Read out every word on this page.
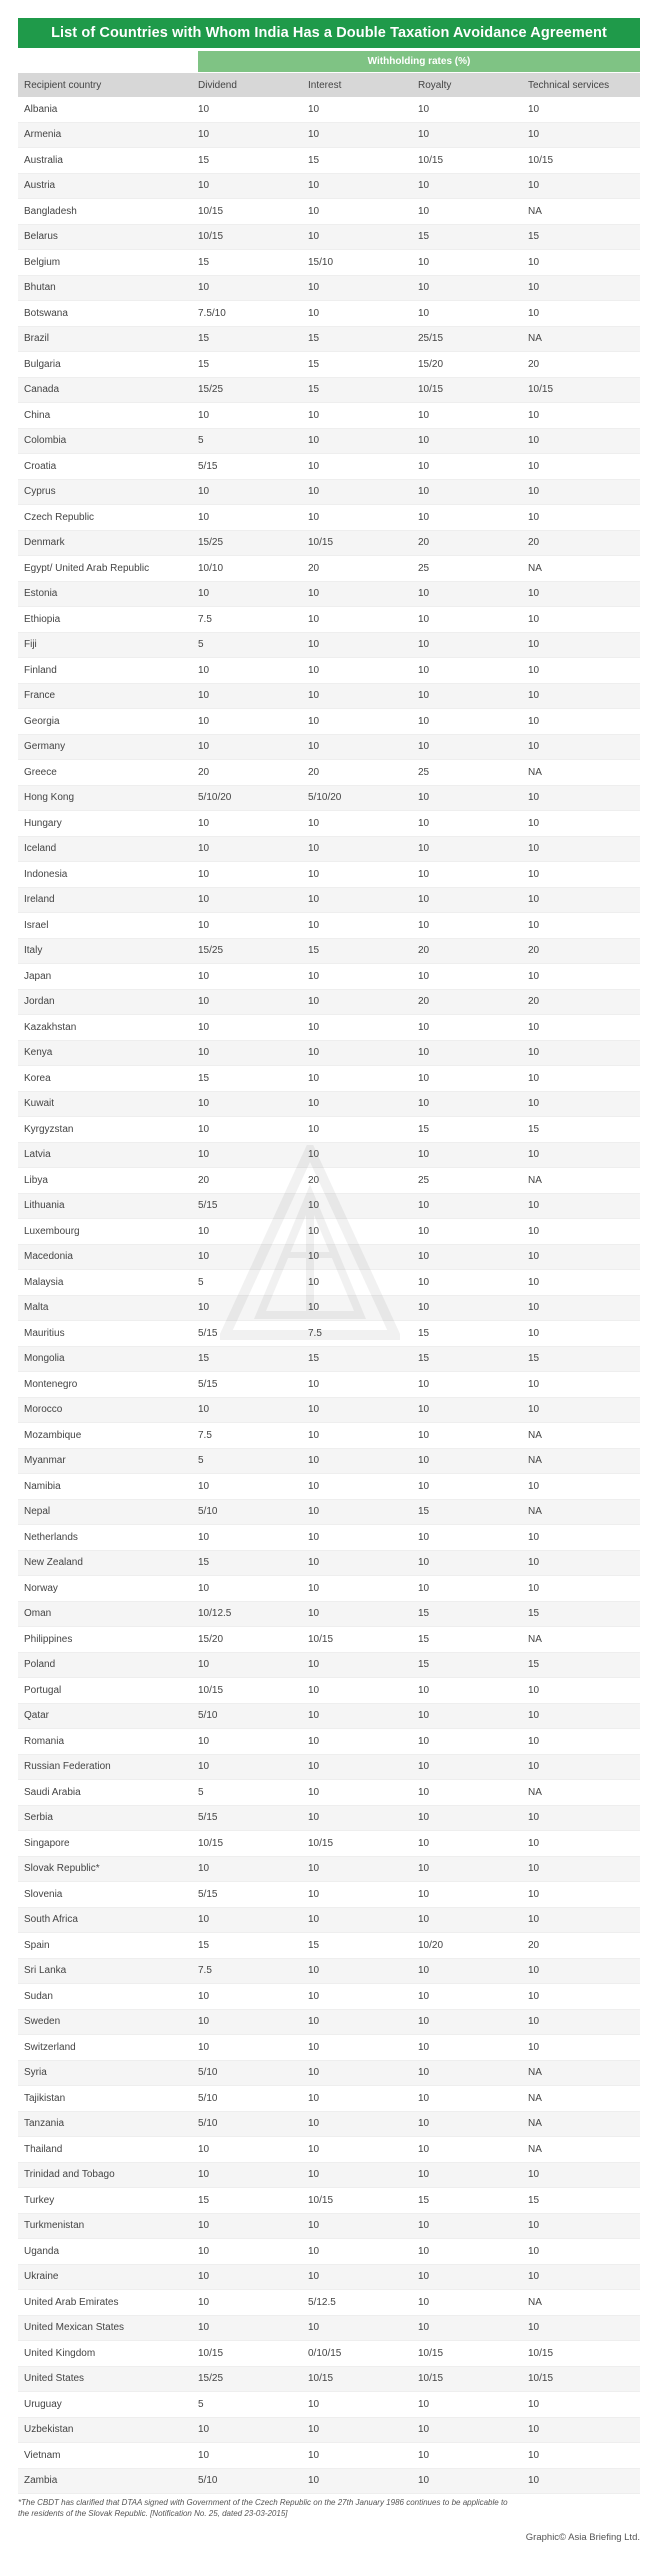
List of Countries with Whom India Has a Double Taxation Avoidance Agreement
Withholding rates (%)
Recipient country	Dividend	Interest	Royalty	Technical services
Albania	10	10	10	10
Armenia	10	10	10	10
Australia	15	15	10/15	10/15
Austria	10	10	10	10
Bangladesh	10/15	10	10	NA
Belarus	10/15	10	15	15
Belgium	15	15/10	10	10
Bhutan	10	10	10	10
Botswana	7.5/10	10	10	10
Brazil	15	15	25/15	NA
Bulgaria	15	15	15/20	20
Canada	15/25	15	10/15	10/15
China	10	10	10	10
Colombia	5	10	10	10
Croatia	5/15	10	10	10
Cyprus	10	10	10	10
Czech Republic	10	10	10	10
Denmark	15/25	10/15	20	20
Egypt/ United Arab Republic	10/10	20	25	NA
Estonia	10	10	10	10
Ethiopia	7.5	10	10	10
Fiji	5	10	10	10
Finland	10	10	10	10
France	10	10	10	10
Georgia	10	10	10	10
Germany	10	10	10	10
Greece	20	20	25	NA
Hong Kong	5/10/20	5/10/20	10	10
Hungary	10	10	10	10
Iceland	10	10	10	10
Indonesia	10	10	10	10
Ireland	10	10	10	10
Israel	10	10	10	10
Italy	15/25	15	20	20
Japan	10	10	10	10
Jordan	10	10	20	20
Kazakhstan	10	10	10	10
Kenya	10	10	10	10
Korea	15	10	10	10
Kuwait	10	10	10	10
Kyrgyzstan	10	10	15	15
Latvia	10	10	10	10
Libya	20	20	25	NA
Lithuania	5/15	10	10	10
Luxembourg	10	10	10	10
Macedonia	10	10	10	10
Malaysia	5	10	10	10
Malta	10	10	10	10
Mauritius	5/15	7.5	15	10
Mongolia	15	15	15	15
Montenegro	5/15	10	10	10
Morocco	10	10	10	10
Mozambique	7.5	10	10	NA
Myanmar	5	10	10	NA
Namibia	10	10	10	10
Nepal	5/10	10	15	NA
Netherlands	10	10	10	10
New Zealand	15	10	10	10
Norway	10	10	10	10
Oman	10/12.5	10	15	15
Philippines	15/20	10/15	15	NA
Poland	10	10	15	15
Portugal	10/15	10	10	10
Qatar	5/10	10	10	10
Romania	10	10	10	10
Russian Federation	10	10	10	10
Saudi Arabia	5	10	10	NA
Serbia	5/15	10	10	10
Singapore	10/15	10/15	10	10
Slovak Republic*	10	10	10	10
Slovenia	5/15	10	10	10
South Africa	10	10	10	10
Spain	15	15	10/20	20
Sri Lanka	7.5	10	10	10
Sudan	10	10	10	10
Sweden	10	10	10	10
Switzerland	10	10	10	10
Syria	5/10	10	10	NA
Tajikistan	5/10	10	10	NA
Tanzania	5/10	10	10	NA
Thailand	10	10	10	NA
Trinidad and Tobago	10	10	10	10
Turkey	15	10/15	15	15
Turkmenistan	10	10	10	10
Uganda	10	10	10	10
Ukraine	10	10	10	10
United Arab Emirates	10	5/12.5	10	NA
United Mexican States	10	10	10	10
United Kingdom	10/15	0/10/15	10/15	10/15
United States	15/25	10/15	10/15	10/15
Uruguay	5	10	10	10
Uzbekistan	10	10	10	10
Vietnam	10	10	10	10
Zambia	5/10	10	10	10
*The CBDT has clarified that DTAA signed with Government of the Czech Republic on the 27th January 1986 continues to be applicable to the residents of the Slovak Republic. [Notification No. 25, dated 23-03-2015]
Graphic© Asia Briefing Ltd.
